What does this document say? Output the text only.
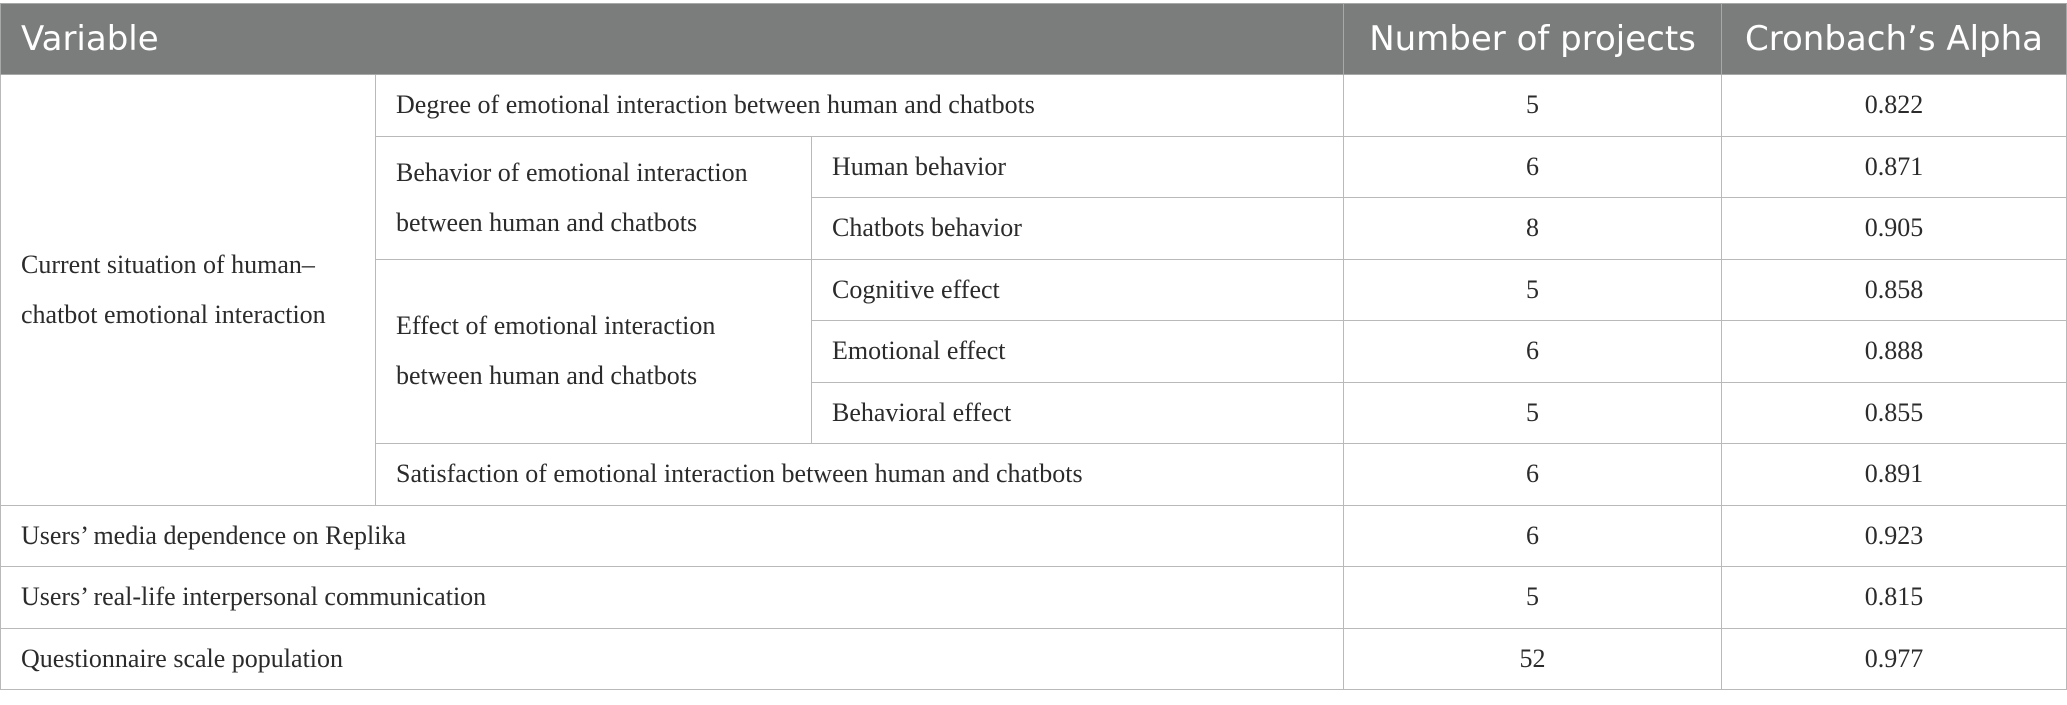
Variable			Number of projects	Cronbach’s Alpha
Current situation of human–chatbot emotional interaction	Degree of emotional interaction between human and chatbots		5	0.822
	Behavior of emotional interaction between human and chatbots	Human behavior	6	0.871
		Chatbots behavior	8	0.905
	Effect of emotional interaction between human and chatbots	Cognitive effect	5	0.858
		Emotional effect	6	0.888
		Behavioral effect	5	0.855
	Satisfaction of emotional interaction between human and chatbots		6	0.891
Users’ media dependence on Replika			6	0.923
Users’ real-life interpersonal communication			5	0.815
Questionnaire scale population			52	0.977
